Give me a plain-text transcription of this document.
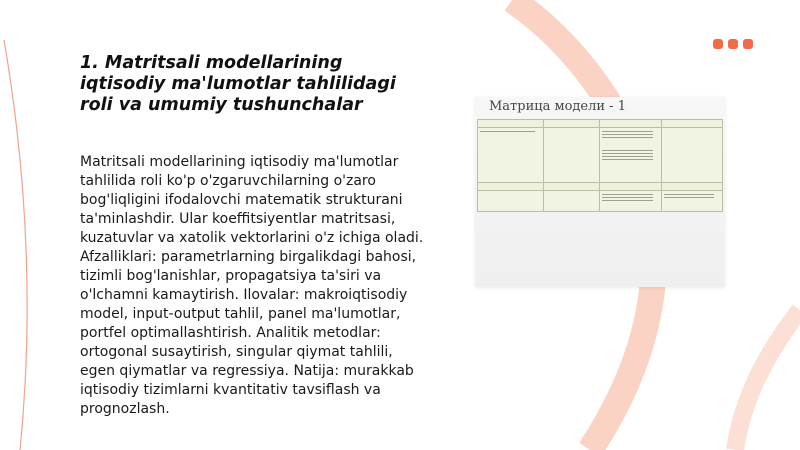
1. Matritsali modellarining iqtisodiy ma'lumotlar tahlilidagi roli va umumiy tushunchalar

Matritsali modellarining iqtisodiy ma'lumotlar tahlilida roli ko'p o'zgaruvchilarning o'zaro bog'liqligini ifodalovchi matematik strukturani ta'minlashdir. Ular koeffitsiyentlar matritsasi, kuzatuvlar va xatolik vektorlarini o'z ichiga oladi. Afzalliklari: parametrlarning birgalikdagi bahosi, tizimli bog'lanishlar, propagatsiya ta'siri va o'lchamni kamaytirish. Ilovalar: makroiqtisodiy model, input-output tahlil, panel ma'lumotlar, portfel optimallashtirish. Analitik metodlar: ortogonal susaytirish, singular qiymat tahlili, egen qiymatlar va regressiya. Natija: murakkab iqtisodiy tizimlarni kvantitativ tavsiflash va prognozlash.

Матрица модели - 1
